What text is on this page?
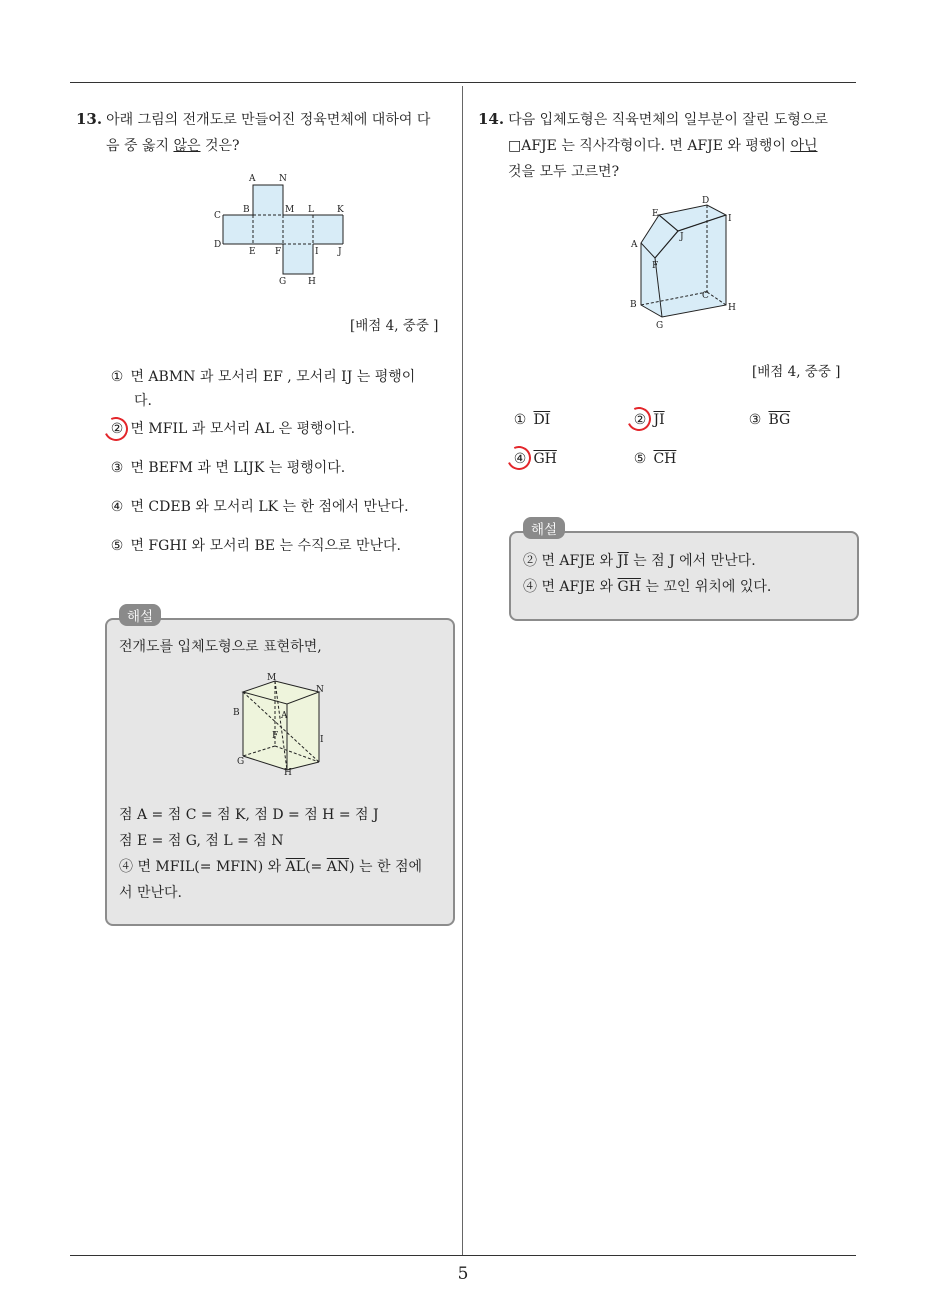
5
13. 아래 그림의 전개도로 만들어진 정육면체에 대하여 다
음 중 옳지 않은 것은?
A	N
C
B	M L	K
D
E F	I J
G H
[배점 4, 중중 ]
① 면 ABMN 과 모서리 EF , 모서리 IJ 는 평행이
다.
② 면 MFIL 과 모서리 AL 은 평행이다.
③ 면 BEFM 과 면 LIJK 는 평행이다.
④ 면 CDEB 와 모서리 LK 는 한 점에서 만난다.
⑤ 면 FGHI 와 모서리 BE 는 수직으로 만난다.
해설
전개도를 입체도형으로 표현하면,
M
N
B	A
F	I
G
H
점 A = 점 C = 점 K, 점 D = 점 H = 점 J
점 E = 점 G, 점 L = 점 N
④ 면 MFIL(= MFIN) 와 $\overline{AL}(= \overline{AN})$ 는 한 점에
서 만난다.
14. 다음 입체도형은 직육면체의 일부분이 잘린 도형으로
□AFJE 는 직사각형이다. 면 AFJE 와 평행이 아닌
것을 모두 고르면?
D
E	I
A
J
F
C
B	H
G
[배점 4, 중중 ]
① $\overline{DI}$	② $\overline{JI}$	③ $\overline{BG}$
④ $\overline{GH}$	⑤ $\overline{CH}$
해설
② 면 AFJE 와 $\overline{JI}$ 는 점 J 에서 만난다.
④ 면 AFJE 와 $\overline{GH}$ 는 꼬인 위치에 있다.
